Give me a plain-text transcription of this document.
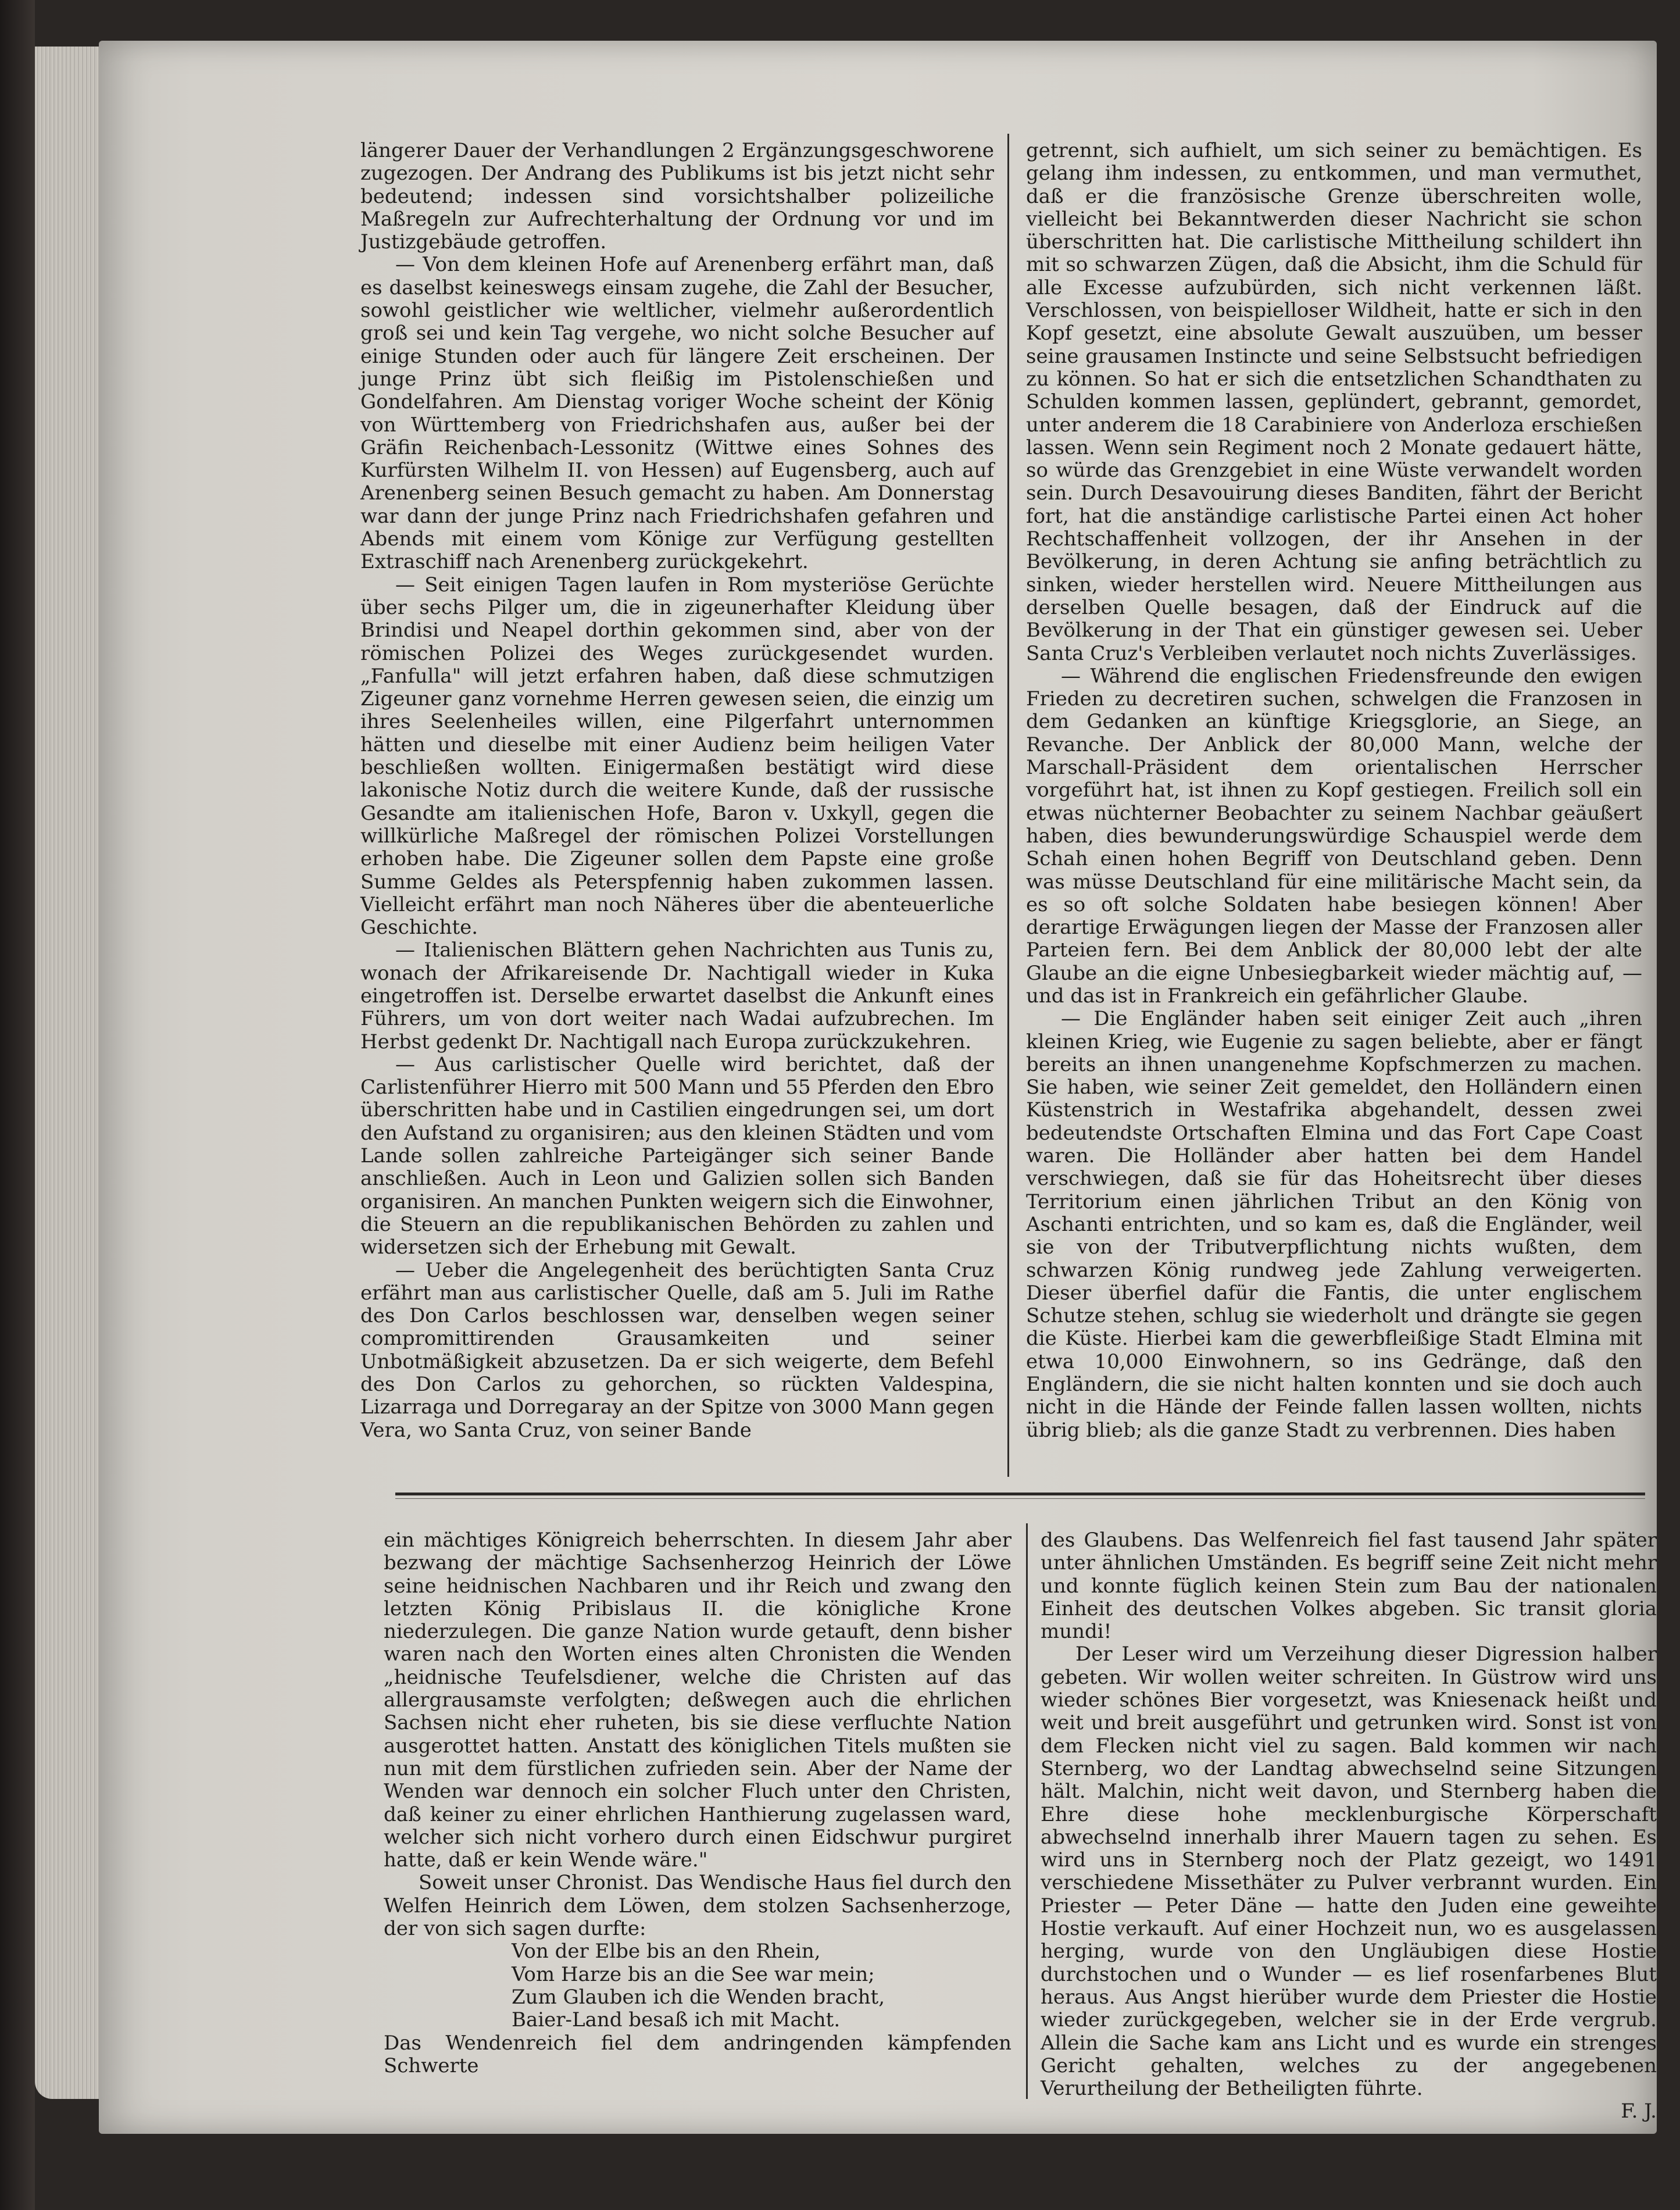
längerer Dauer der Verhandlungen 2 Ergänzungsgeschworene zugezogen. Der Andrang des Publikums ist bis jetzt nicht sehr bedeutend; indessen sind vorsichtshalber polizeiliche Maßregeln zur Aufrechterhaltung der Ordnung vor und im Justizgebäude getroffen.

— Von dem kleinen Hofe auf Arenenberg erfährt man, daß es daselbst keineswegs einsam zugehe, die Zahl der Besucher, sowohl geistlicher wie weltlicher, vielmehr außerordentlich groß sei und kein Tag vergehe, wo nicht solche Besucher auf einige Stunden oder auch für längere Zeit erscheinen. Der junge Prinz übt sich fleißig im Pistolenschießen und Gondelfahren. Am Dienstag voriger Woche scheint der König von Württemberg von Friedrichshafen aus, außer bei der Gräfin Reichenbach-Lessonitz (Wittwe eines Sohnes des Kurfürsten Wilhelm II. von Hessen) auf Eugensberg, auch auf Arenenberg seinen Besuch gemacht zu haben. Am Donnerstag war dann der junge Prinz nach Friedrichshafen gefahren und Abends mit einem vom Könige zur Verfügung gestellten Extraschiff nach Arenenberg zurückgekehrt.

— Seit einigen Tagen laufen in Rom mysteriöse Gerüchte über sechs Pilger um, die in zigeunerhafter Kleidung über Brindisi und Neapel dorthin gekommen sind, aber von der römischen Polizei des Weges zurückgesendet wurden. „Fanfulla" will jetzt erfahren haben, daß diese schmutzigen Zigeuner ganz vornehme Herren gewesen seien, die einzig um ihres Seelenheiles willen, eine Pilgerfahrt unternommen hätten und dieselbe mit einer Audienz beim heiligen Vater beschließen wollten. Einigermaßen bestätigt wird diese lakonische Notiz durch die weitere Kunde, daß der russische Gesandte am italienischen Hofe, Baron v. Uxkyll, gegen die willkürliche Maßregel der römischen Polizei Vorstellungen erhoben habe. Die Zigeuner sollen dem Papste eine große Summe Geldes als Peterspfennig haben zukommen lassen. Vielleicht erfährt man noch Näheres über die abenteuerliche Geschichte.

— Italienischen Blättern gehen Nachrichten aus Tunis zu, wonach der Afrikareisende Dr. Nachtigall wieder in Kuka eingetroffen ist. Derselbe erwartet daselbst die Ankunft eines Führers, um von dort weiter nach Wadai aufzubrechen. Im Herbst gedenkt Dr. Nachtigall nach Europa zurückzukehren.

— Aus carlistischer Quelle wird berichtet, daß der Carlistenführer Hierro mit 500 Mann und 55 Pferden den Ebro überschritten habe und in Castilien eingedrungen sei, um dort den Aufstand zu organisiren; aus den kleinen Städten und vom Lande sollen zahlreiche Parteigänger sich seiner Bande anschließen. Auch in Leon und Galizien sollen sich Banden organisiren. An manchen Punkten weigern sich die Einwohner, die Steuern an die republikanischen Behörden zu zahlen und widersetzen sich der Erhebung mit Gewalt.

— Ueber die Angelegenheit des berüchtigten Santa Cruz erfährt man aus carlistischer Quelle, daß am 5. Juli im Rathe des Don Carlos beschlossen war, denselben wegen seiner compromittirenden Grausamkeiten und seiner Unbotmäßigkeit abzusetzen. Da er sich weigerte, dem Befehl des Don Carlos zu gehorchen, so rückten Valdespina, Lizarraga und Dorregaray an der Spitze von 3000 Mann gegen Vera, wo Santa Cruz, von seiner Bande

getrennt, sich aufhielt, um sich seiner zu bemächtigen. Es gelang ihm indessen, zu entkommen, und man vermuthet, daß er die französische Grenze überschreiten wolle, vielleicht bei Bekanntwerden dieser Nachricht sie schon überschritten hat. Die carlistische Mittheilung schildert ihn mit so schwarzen Zügen, daß die Absicht, ihm die Schuld für alle Excesse aufzubürden, sich nicht verkennen läßt. Verschlossen, von beispielloser Wildheit, hatte er sich in den Kopf gesetzt, eine absolute Gewalt auszuüben, um besser seine grausamen Instincte und seine Selbstsucht befriedigen zu können. So hat er sich die entsetzlichen Schandthaten zu Schulden kommen lassen, geplündert, gebrannt, gemordet, unter anderem die 18 Carabiniere von Anderloza erschießen lassen. Wenn sein Regiment noch 2 Monate gedauert hätte, so würde das Grenzgebiet in eine Wüste verwandelt worden sein. Durch Desavouirung dieses Banditen, fährt der Bericht fort, hat die anständige carlistische Partei einen Act hoher Rechtschaffenheit vollzogen, der ihr Ansehen in der Bevölkerung, in deren Achtung sie anfing beträchtlich zu sinken, wieder herstellen wird. Neuere Mittheilungen aus derselben Quelle besagen, daß der Eindruck auf die Bevölkerung in der That ein günstiger gewesen sei. Ueber Santa Cruz's Verbleiben verlautet noch nichts Zuverlässiges.

— Während die englischen Friedensfreunde den ewigen Frieden zu decretiren suchen, schwelgen die Franzosen in dem Gedanken an künftige Kriegsglorie, an Siege, an Revanche. Der Anblick der 80,000 Mann, welche der Marschall-Präsident dem orientalischen Herrscher vorgeführt hat, ist ihnen zu Kopf gestiegen. Freilich soll ein etwas nüchterner Beobachter zu seinem Nachbar geäußert haben, dies bewunderungswürdige Schauspiel werde dem Schah einen hohen Begriff von Deutschland geben. Denn was müsse Deutschland für eine militärische Macht sein, da es so oft solche Soldaten habe besiegen können! Aber derartige Erwägungen liegen der Masse der Franzosen aller Parteien fern. Bei dem Anblick der 80,000 lebt der alte Glaube an die eigne Unbesiegbarkeit wieder mächtig auf, — und das ist in Frankreich ein gefährlicher Glaube.

— Die Engländer haben seit einiger Zeit auch „ihren kleinen Krieg, wie Eugenie zu sagen beliebte, aber er fängt bereits an ihnen unangenehme Kopfschmerzen zu machen. Sie haben, wie seiner Zeit gemeldet, den Holländern einen Küstenstrich in Westafrika abgehandelt, dessen zwei bedeutendste Ortschaften Elmina und das Fort Cape Coast waren. Die Holländer aber hatten bei dem Handel verschwiegen, daß sie für das Hoheitsrecht über dieses Territorium einen jährlichen Tribut an den König von Aschanti entrichten, und so kam es, daß die Engländer, weil sie von der Tributverpflichtung nichts wußten, dem schwarzen König rundweg jede Zahlung verweigerten. Dieser überfiel dafür die Fantis, die unter englischem Schutze stehen, schlug sie wiederholt und drängte sie gegen die Küste. Hierbei kam die gewerbfleißige Stadt Elmina mit etwa 10,000 Einwohnern, so ins Gedränge, daß den Engländern, die sie nicht halten konnten und sie doch auch nicht in die Hände der Feinde fallen lassen wollten, nichts übrig blieb; als die ganze Stadt zu verbrennen. Dies haben

ein mächtiges Königreich beherrschten. In diesem Jahr aber bezwang der mächtige Sachsenherzog Heinrich der Löwe seine heidnischen Nachbaren und ihr Reich und zwang den letzten König Pribislaus II. die königliche Krone niederzulegen. Die ganze Nation wurde getauft, denn bisher waren nach den Worten eines alten Chronisten die Wenden „heidnische Teufelsdiener, welche die Christen auf das allergrausamste verfolgten; deßwegen auch die ehrlichen Sachsen nicht eher ruheten, bis sie diese verfluchte Nation ausgerottet hatten. Anstatt des königlichen Titels mußten sie nun mit dem fürstlichen zufrieden sein. Aber der Name der Wenden war dennoch ein solcher Fluch unter den Christen, daß keiner zu einer ehrlichen Hanthierung zugelassen ward, welcher sich nicht vorhero durch einen Eidschwur purgiret hatte, daß er kein Wende wäre."

Soweit unser Chronist. Das Wendische Haus fiel durch den Welfen Heinrich dem Löwen, dem stolzen Sachsenherzoge, der von sich sagen durfte:

Von der Elbe bis an den Rhein,
Vom Harze bis an die See war mein;
Zum Glauben ich die Wenden bracht,
Baier-Land besaß ich mit Macht.

Das Wendenreich fiel dem andringenden kämpfenden Schwerte

des Glaubens. Das Welfenreich fiel fast tausend Jahr später unter ähnlichen Umständen. Es begriff seine Zeit nicht mehr und konnte füglich keinen Stein zum Bau der nationalen Einheit des deutschen Volkes abgeben. Sic transit gloria mundi!

Der Leser wird um Verzeihung dieser Digression halber gebeten. Wir wollen weiter schreiten. In Güstrow wird uns wieder schönes Bier vorgesetzt, was Kniesenack heißt und weit und breit ausgeführt und getrunken wird. Sonst ist von dem Flecken nicht viel zu sagen. Bald kommen wir nach Sternberg, wo der Landtag abwechselnd seine Sitzungen hält. Malchin, nicht weit davon, und Sternberg haben die Ehre diese hohe mecklenburgische Körperschaft abwechselnd innerhalb ihrer Mauern tagen zu sehen. Es wird uns in Sternberg noch der Platz gezeigt, wo 1491 verschiedene Missethäter zu Pulver verbrannt wurden. Ein Priester — Peter Däne — hatte den Juden eine geweihte Hostie verkauft. Auf einer Hochzeit nun, wo es ausgelassen herging, wurde von den Ungläubigen diese Hostie durchstochen und o Wunder — es lief rosenfarbenes Blut heraus. Aus Angst hierüber wurde dem Priester die Hostie wieder zurückgegeben, welcher sie in der Erde vergrub. Allein die Sache kam ans Licht und es wurde ein strenges Gericht gehalten, welches zu der angegebenen Verurtheilung der Betheiligten führte.

F. J.
